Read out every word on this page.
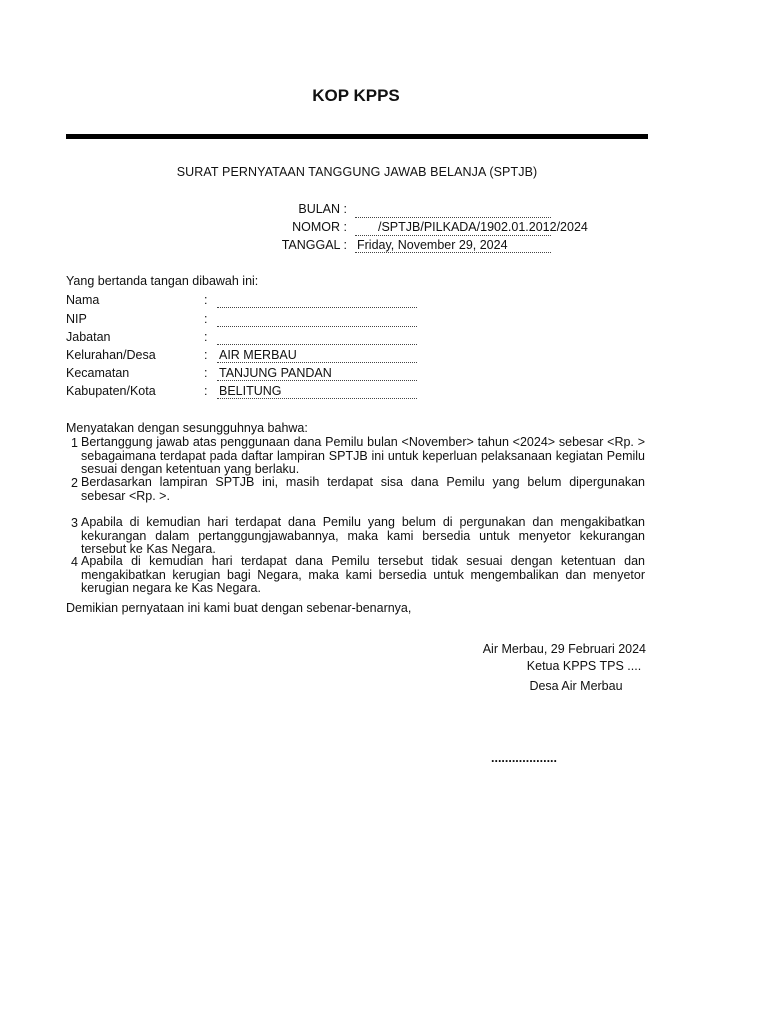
KOP KPPS
SURAT PERNYATAAN TANGGUNG JAWAB BELANJA (SPTJB)
BULAN :
NOMOR : /SPTJB/PILKADA/1902.01.2012/2024
TANGGAL : Friday, November 29, 2024
Yang bertanda tangan dibawah ini:
Nama	:
NIP	:
Jabatan	:
Kelurahan/Desa	: AIR MERBAU
Kecamatan	: TANJUNG PANDAN
Kabupaten/Kota	: BELITUNG
Menyatakan dengan sesungguhnya bahwa:
1 Bertanggung jawab atas penggunaan dana Pemilu bulan <November> tahun <2024> sebesar <Rp. > sebagaimana terdapat pada daftar lampiran SPTJB ini untuk keperluan pelaksanaan kegiatan Pemilu sesuai dengan ketentuan yang berlaku.
2 Berdasarkan lampiran SPTJB ini, masih terdapat sisa dana Pemilu yang belum dipergunakan sebesar <Rp. >.
3 Apabila di kemudian hari terdapat dana Pemilu yang belum di pergunakan dan mengakibatkan kekurangan dalam pertanggungjawabannya, maka kami bersedia untuk menyetor kekurangan tersebut ke Kas Negara.
4 Apabila di kemudian hari terdapat dana Pemilu tersebut tidak sesuai dengan ketentuan dan mengakibatkan kerugian bagi Negara, maka kami bersedia untuk mengembalikan dan menyetor kerugian negara ke Kas Negara.
Demikian pernyataan ini kami buat dengan sebenar-benarnya,
Air Merbau, 29 Februari 2024
Ketua KPPS TPS ....
Desa Air Merbau
...................
